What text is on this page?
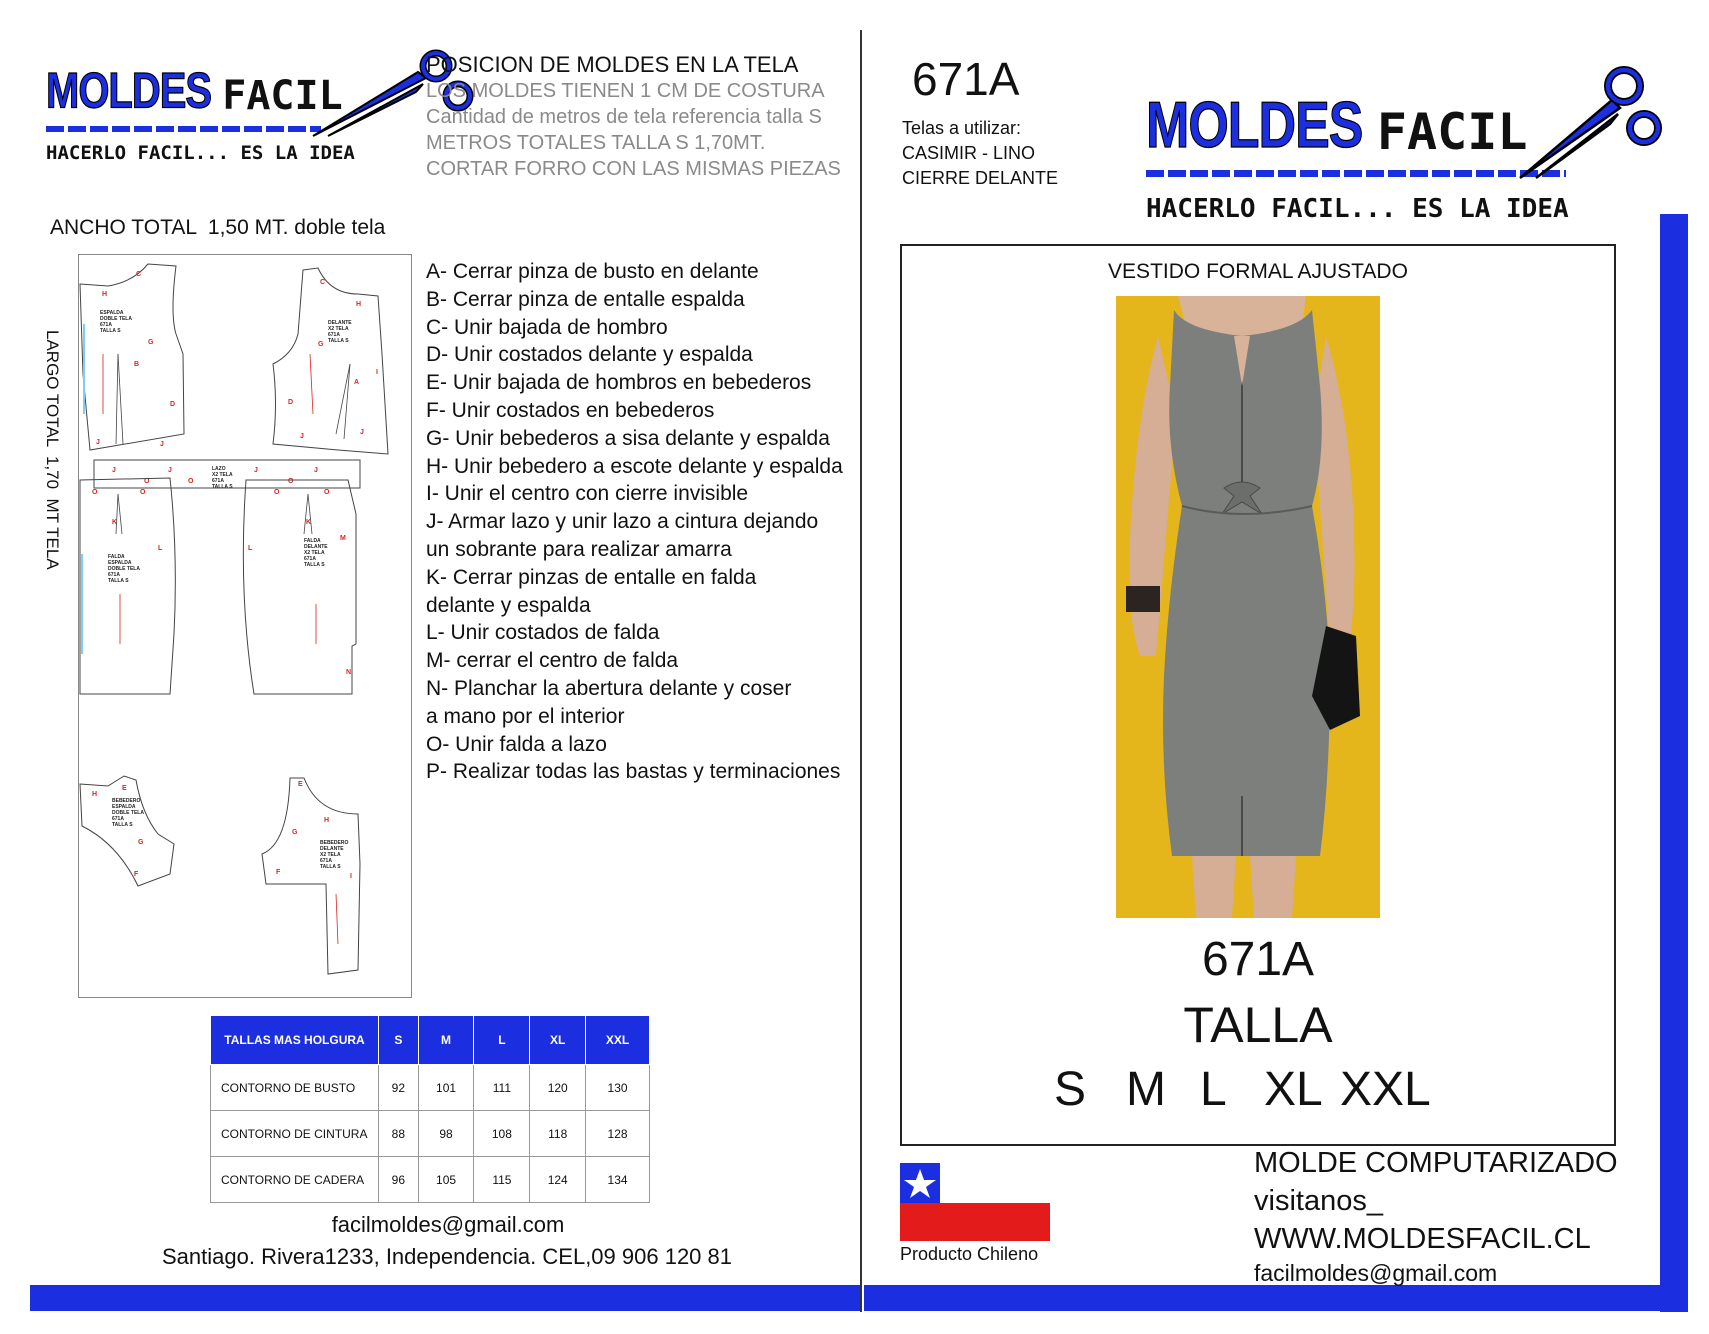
MOLDES FACIL
HACERLO FACIL... ES LA IDEA
POSICION DE MOLDES EN LA TELA
LOS MOLDES TIENEN 1 CM DE COSTURA
Cantidad de metros de tela referencia talla S
METROS TOTALES TALLA S 1,70MT.
CORTAR FORRO CON LAS MISMAS PIEZAS
ANCHO TOTAL  1,50 MT. doble tela
LARGO TOTAL  1,70  MT TELA
H
C
G
B
D
J	J
ESPALDA
DOBLE TELA
671A
TALLA S
C
H
G
A
I
D
J
J
DELANTE
X2 TELA
671A
TALLA S
J	J	J	J
O	O	O
LAZO
X2 TELA
671A
TALLA S
O	O
K
L
FALDA
ESPALDA
DOBLE TELA
671A
TALLA S
O	O
K
L
M
N
FALDA
DELANTE
X2 TELA
671A
TALLA S
H
E
G
F
BEBEDERO
ESPALDA
DOBLE TELA
671A
TALLA S
E
H
G
I
F
BEBEDERO
DELANTE
X2 TELA
671A
TALLA S
A- Cerrar pinza de busto en delante
B- Cerrar pinza de entalle espalda
C- Unir bajada de hombro
D- Unir costados delante y espalda
E- Unir bajada de hombros en bebederos
F- Unir costados en bebederos
G- Unir bebederos a sisa delante y espalda
H- Unir bebedero a escote delante y espalda
I- Unir el centro con cierre invisible
J- Armar lazo y unir lazo a cintura dejando
un sobrante para realizar amarra
K- Cerrar pinzas de entalle en falda
delante y espalda
L- Unir costados de falda
M- cerrar el centro de falda
N- Planchar la abertura delante y coser
a mano por el interior
O- Unir falda a lazo
P- Realizar todas las bastas y terminaciones
TALLAS MAS HOLGURA	S	M	L	XL	XXL
CONTORNO DE BUSTO	92	101	111	120	130
CONTORNO DE CINTURA	88	98	108	118	128
CONTORNO DE CADERA	96	105	115	124	134
facilmoldes@gmail.com
Santiago. Rivera1233, Independencia. CEL,09 906 120 81
671A
Telas a utilizar:
CASIMIR - LINO
CIERRE DELANTE
MOLDES FACIL
HACERLO FACIL... ES LA IDEA
VESTIDO FORMAL AJUSTADO
671A
TALLA
S M L XL XXL
Producto Chileno
MOLDE COMPUTARIZADO
visitanos_
WWW.MOLDESFACIL.CL
facilmoldes@gmail.com
